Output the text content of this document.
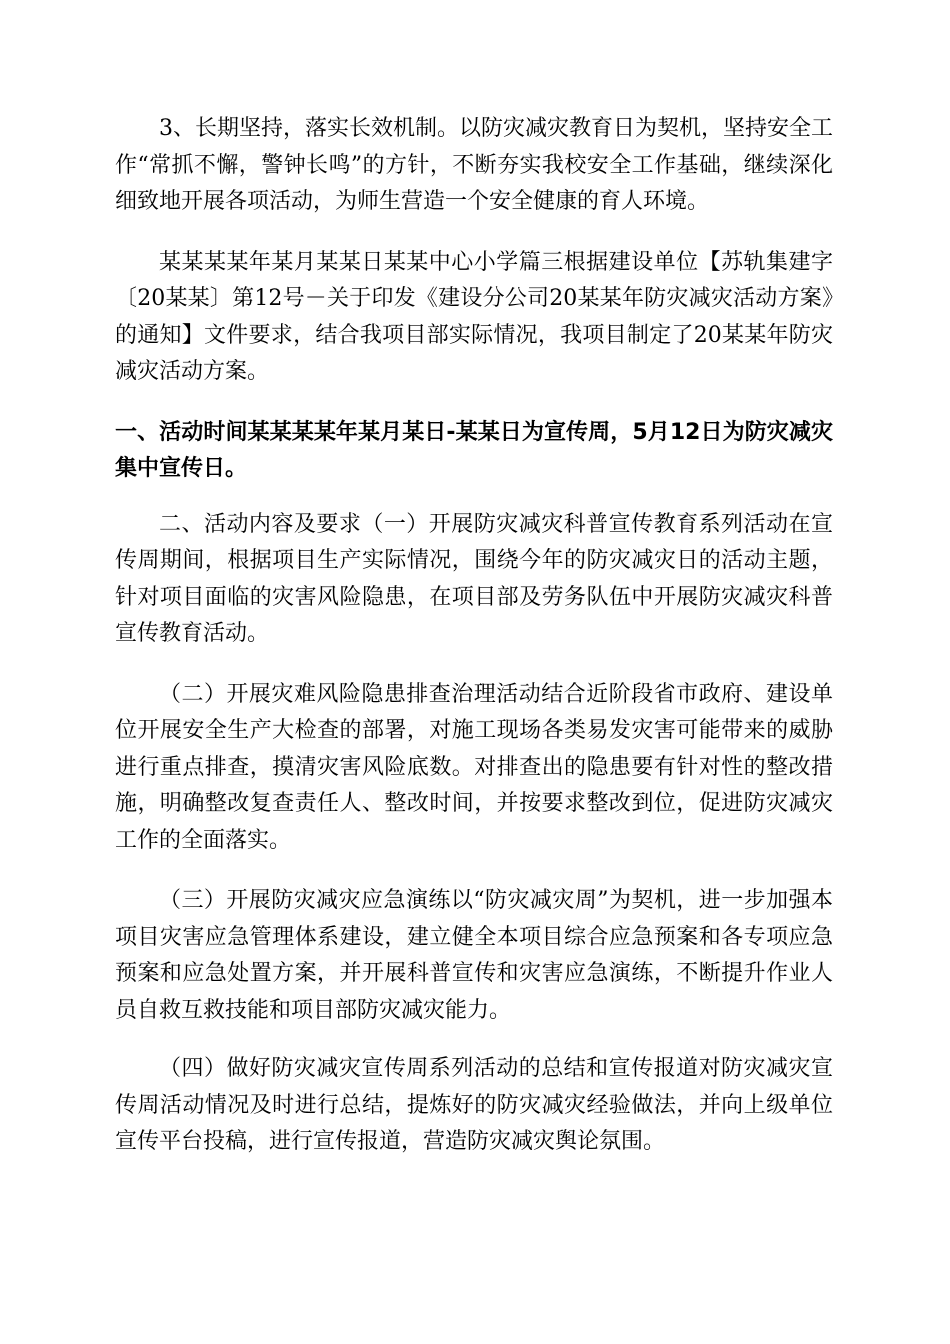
3、长期坚持，落实长效机制。以防灾减灾教育日为契机，坚持安全工作“常抓不懈，警钟长鸣”的方针，不断夯实我校安全工作基础，继续深化细致地开展各项活动，为师生营造一个安全健康的育人环境。

某某某某年某月某某日某某中心小学篇三根据建设单位【苏轨集建字〔20某某〕第12号－关于印发《建设分公司20某某年防灾减灾活动方案》的通知】文件要求，结合我项目部实际情况，我项目制定了20某某年防灾减灾活动方案。

一、活动时间某某某某年某月某日-某某日为宣传周，5月12日为防灾减灾集中宣传日。

二、活动内容及要求（一）开展防灾减灾科普宣传教育系列活动在宣传周期间，根据项目生产实际情况，围绕今年的防灾减灾日的活动主题，针对项目面临的灾害风险隐患，在项目部及劳务队伍中开展防灾减灾科普宣传教育活动。

（二）开展灾难风险隐患排查治理活动结合近阶段省市政府、建设单位开展安全生产大检查的部署，对施工现场各类易发灾害可能带来的威胁进行重点排查，摸清灾害风险底数。对排查出的隐患要有针对性的整改措施，明确整改复查责任人、整改时间，并按要求整改到位，促进防灾减灾工作的全面落实。

（三）开展防灾减灾应急演练以“防灾减灾周”为契机，进一步加强本项目灾害应急管理体系建设，建立健全本项目综合应急预案和各专项应急预案和应急处置方案，并开展科普宣传和灾害应急演练，不断提升作业人员自救互救技能和项目部防灾减灾能力。

（四）做好防灾减灾宣传周系列活动的总结和宣传报道对防灾减灾宣传周活动情况及时进行总结，提炼好的防灾减灾经验做法，并向上级单位宣传平台投稿，进行宣传报道，营造防灾减灾舆论氛围。
